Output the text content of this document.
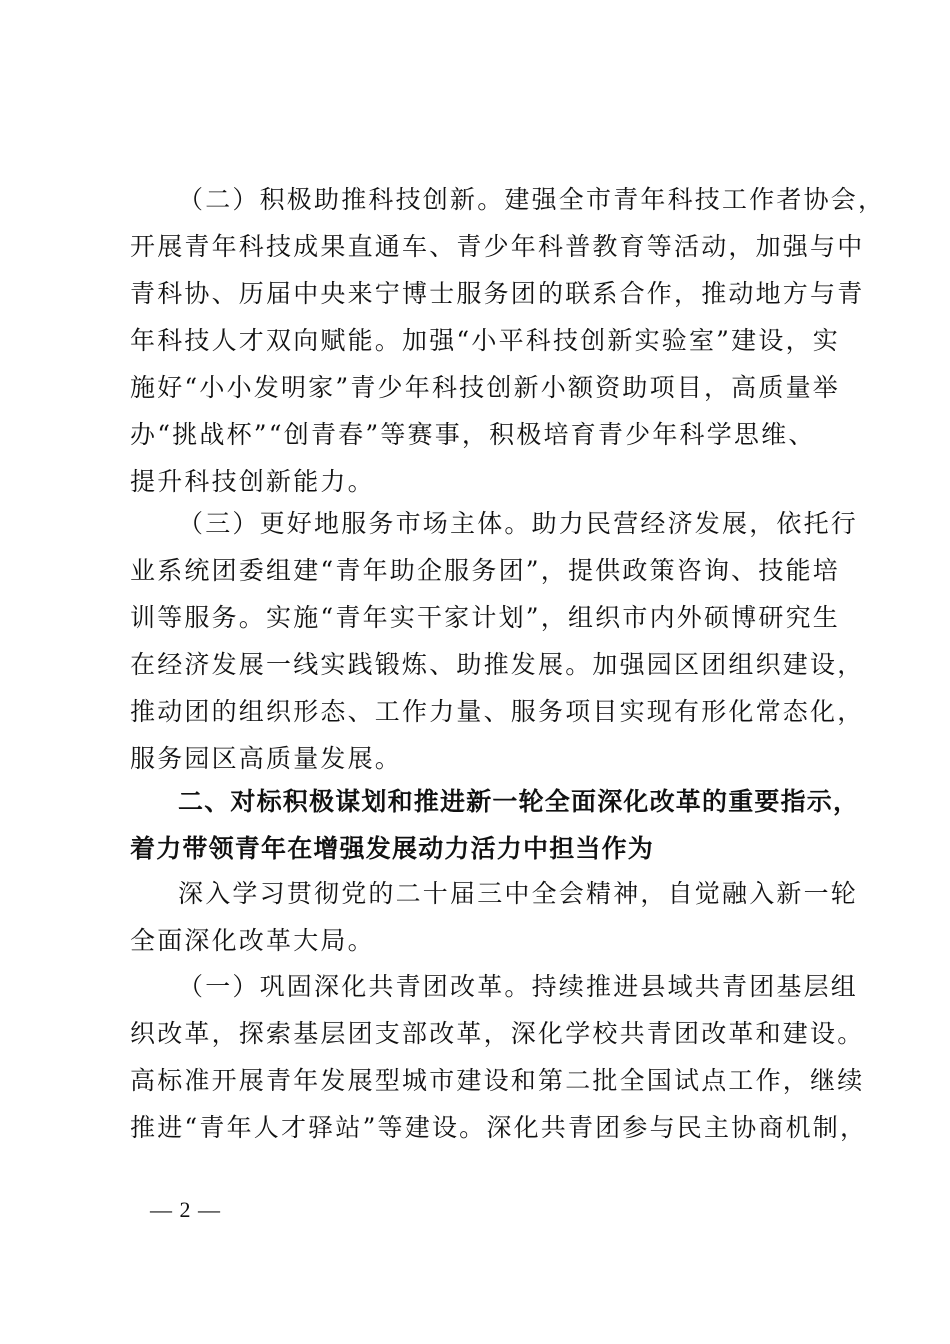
（二）积极助推科技创新。建强全市青年科技工作者协会，
开展青年科技成果直通车、青少年科普教育等活动，加强与中
青科协、历届中央来宁博士服务团的联系合作，推动地方与青
年科技人才双向赋能。加强“小平科技创新实验室”建设，实
施好“小小发明家”青少年科技创新小额资助项目，高质量举
办“挑战杯”“创青春”等赛事，积极培育青少年科学思维、
提升科技创新能力。
（三）更好地服务市场主体。助力民营经济发展，依托行
业系统团委组建“青年助企服务团”，提供政策咨询、技能培
训等服务。实施“青年实干家计划”，组织市内外硕博研究生
在经济发展一线实践锻炼、助推发展。加强园区团组织建设，
推动团的组织形态、工作力量、服务项目实现有形化常态化，
服务园区高质量发展。
二、对标积极谋划和推进新一轮全面深化改革的重要指示，
着力带领青年在增强发展动力活力中担当作为
深入学习贯彻党的二十届三中全会精神，自觉融入新一轮
全面深化改革大局。
（一）巩固深化共青团改革。持续推进县域共青团基层组
织改革，探索基层团支部改革，深化学校共青团改革和建设。
高标准开展青年发展型城市建设和第二批全国试点工作，继续
推进“青年人才驿站”等建设。深化共青团参与民主协商机制，
— 2 —
